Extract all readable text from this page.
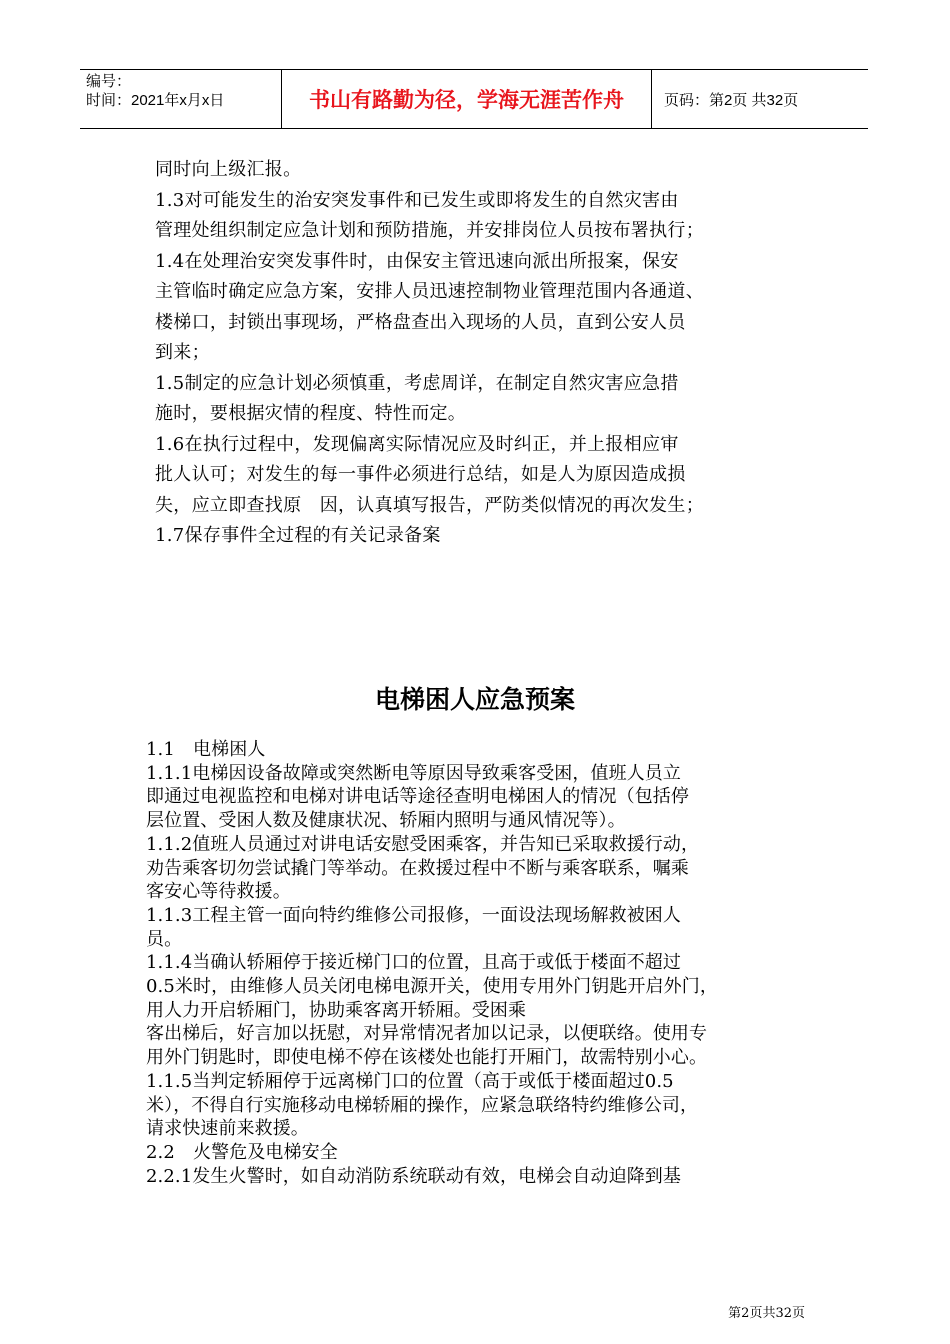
编号：
时间：2021年x月x日	书山有路勤为径，学海无涯苦作舟	页码：第2页 共32页

同时向上级汇报。

1.3对可能发生的治安突发事件和已发生或即将发生的自然灾害由

管理处组织制定应急计划和预防措施，并安排岗位人员按布署执行；

1.4在处理治安突发事件时，由保安主管迅速向派出所报案，保安

主管临时确定应急方案，安排人员迅速控制物业管理范围内各通道、

楼梯口，封锁出事现场，严格盘查出入现场的人员，直到公安人员

到来；

1.5制定的应急计划必须慎重，考虑周详，在制定自然灾害应急措

施时，要根据灾情的程度、特性而定。

1.6在执行过程中，发现偏离实际情况应及时纠正，并上报相应审

批人认可；对发生的每一事件必须进行总结，如是人为原因造成损

失，应立即查找原　因，认真填写报告，严防类似情况的再次发生；

1.7保存事件全过程的有关记录备案

电梯困人应急预案

1.1　电梯困人

1.1.1电梯因设备故障或突然断电等原因导致乘客受困，值班人员立

即通过电视监控和电梯对讲电话等途径查明电梯困人的情况（包括停

层位置、受困人数及健康状况、轿厢内照明与通风情况等）。

1.1.2值班人员通过对讲电话安慰受困乘客，并告知已采取救援行动，

劝告乘客切勿尝试撬门等举动。在救援过程中不断与乘客联系，嘱乘

客安心等待救援。

1.1.3工程主管一面向特约维修公司报修，一面设法现场解救被困人

员。

1.1.4当确认轿厢停于接近梯门口的位置，且高于或低于楼面不超过

0.5米时，由维修人员关闭电梯电源开关，使用专用外门钥匙开启外门，

用人力开启轿厢门，协助乘客离开轿厢。受困乘

客出梯后，好言加以抚慰，对异常情况者加以记录，以便联络。使用专

用外门钥匙时，即使电梯不停在该楼处也能打开厢门，故需特别小心。

1.1.5当判定轿厢停于远离梯门口的位置（高于或低于楼面超过0.5

米），不得自行实施移动电梯轿厢的操作，应紧急联络特约维修公司，

请求快速前来救援。

2.2　火警危及电梯安全

2.2.1发生火警时，如自动消防系统联动有效，电梯会自动迫降到基

第2页共32页
